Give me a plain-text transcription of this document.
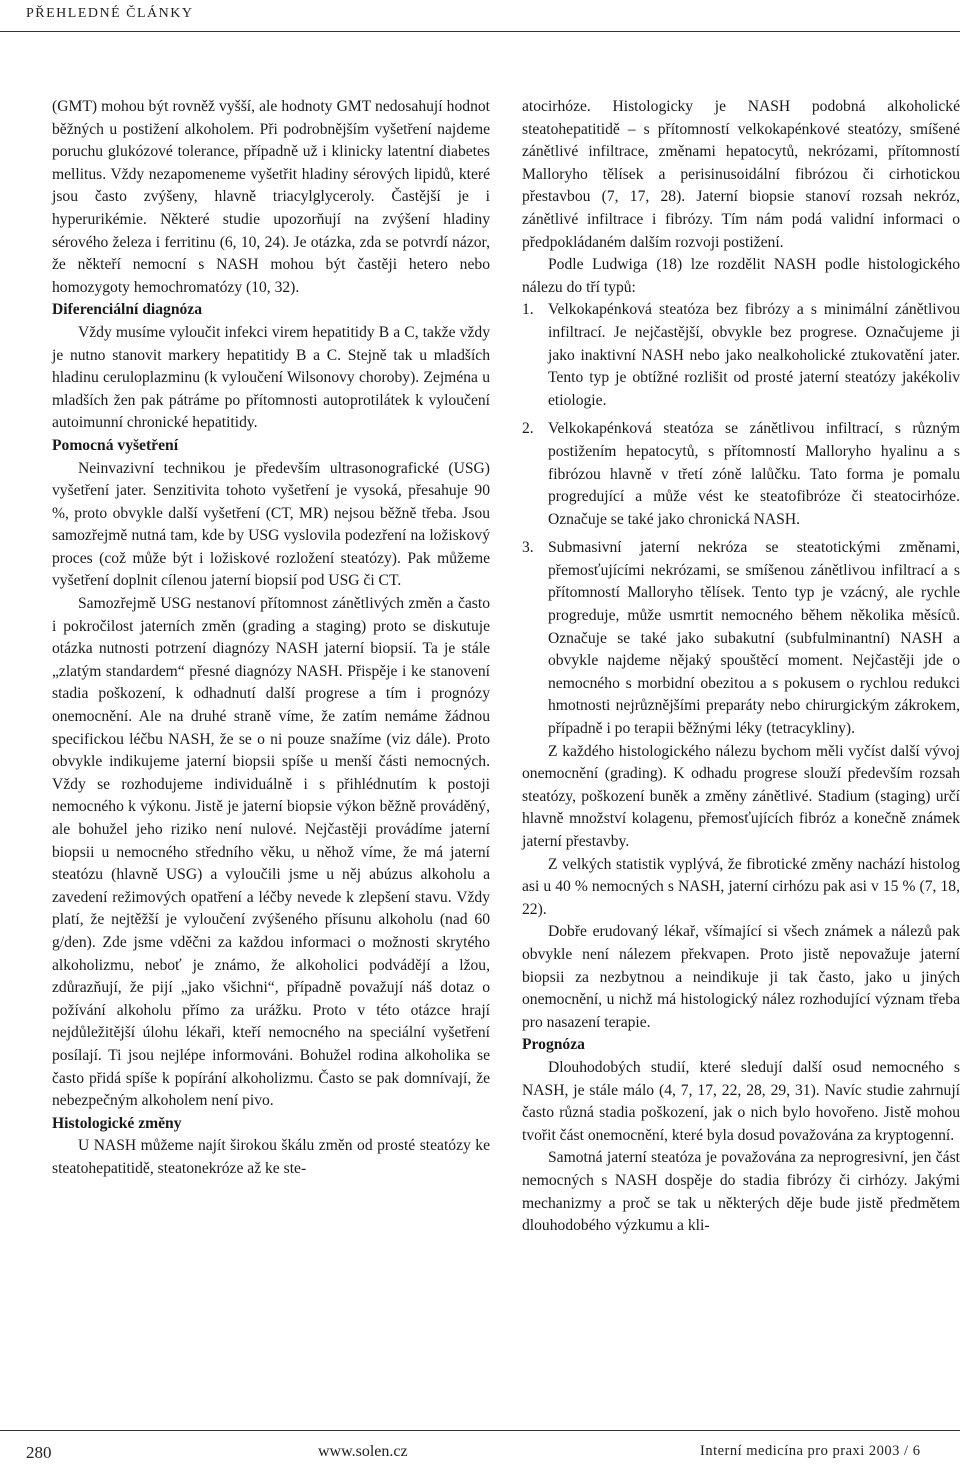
PŘEHLEDNÉ ČLÁNKY

(GMT) mohou být rovněž vyšší, ale hodnoty GMT nedosahují hodnot běžných u postižení alkoholem. Při podrobnějším vyšetření najdeme poruchu glukózové tolerance, případně už i klinicky latentní diabetes mellitus. Vždy nezapomeneme vyšetřit hladiny sérových lipidů, které jsou často zvýšeny, hlavně triacylglyceroly. Častější je i hyperurikémie. Některé studie upozorňují na zvýšení hladiny sérového železa i ferritinu (6, 10, 24). Je otázka, zda se potvrdí názor, že někteří nemocní s NASH mohou být častěji hetero nebo homozygoty hemochromatózy (10, 32).

Diferenciální diagnóza

Vždy musíme vyloučit infekci virem hepatitidy B a C, takže vždy je nutno stanovit markery hepatitidy B a C. Stejně tak u mladších hladinu ceruloplazminu (k vyloučení Wilsonovy choroby). Zejména u mladších žen pak pátráme po přítomnosti autoprotilátek k vyloučení autoimunní chronické hepatitidy.

Pomocná vyšetření

Neinvazivní technikou je především ultrasonografické (USG) vyšetření jater. Senzitivita tohoto vyšetření je vysoká, přesahuje 90 %, proto obvykle další vyšetření (CT, MR) nejsou běžně třeba. Jsou samozřejmě nutná tam, kde by USG vyslovila podezření na ložiskový proces (což může být i ložiskové rozložení steatózy). Pak můžeme vyšetření doplnit cílenou jaterní biopsií pod USG či CT.

Samozřejmě USG nestanoví přítomnost zánětlivých změn a často i pokročilost jaterních změn (grading a staging) proto se diskutuje otázka nutnosti potrzení diagnózy NASH jaterní biopsií. Ta je stále „zlatým standardem“ přesné diagnózy NASH. Přispěje i ke stanovení stadia poškození, k odhadnutí další progrese a tím i prognózy onemocnění. Ale na druhé straně víme, že zatím nemáme žádnou specifickou léčbu NASH, že se o ni pouze snažíme (viz dále). Proto obvykle indikujeme jaterní biopsii spíše u menší části nemocných. Vždy se rozhodujeme individuálně i s přihlédnutím k postoji nemocného k výkonu. Jistě je jaterní biopsie výkon běžně prováděný, ale bohužel jeho riziko není nulové. Nejčastěji provádíme jaterní biopsii u nemocného středního věku, u něhož víme, že má jaterní steatózu (hlavně USG) a vyloučili jsme u něj abúzus alkoholu a zavedení režimových opatření a léčby nevede k zlepšení stavu. Vždy platí, že nejtěžší je vyloučení zvýšeného přísunu alkoholu (nad 60 g/den). Zde jsme vděčni za každou informaci o možnosti skrytého alkoholizmu, neboť je známo, že alkoholici podvádějí a lžou, zdůrazňují, že pijí „jako všichni“, případně považují náš dotaz o požívání alkoholu přímo za urážku. Proto v této otázce hrají nejdůležitější úlohu lékaři, kteří nemocného na speciální vyšetření posílají. Ti jsou nejlépe informováni. Bohužel rodina alkoholika se často přidá spíše k popírání alkoholizmu. Často se pak domnívají, že nebezpečným alkoholem není pivo.

Histologické změny

U NASH můžeme najít širokou škálu změn od prosté steatózy ke steatohepatitidě, steatonekróze až ke ste-

atocirhóze. Histologicky je NASH podobná alkoholické steatohepatitidě – s přítomností velkokapénkové steatózy, smíšené zánětlivé infiltrace, změnami hepatocytů, nekrózami, přítomností Malloryho tělísek a perisinusoidální fibrózou či cirhotickou přestavbou (7, 17, 28). Jaterní biopsie stanoví rozsah nekróz, zánětlivé infiltrace i fibrózy. Tím nám podá validní informaci o předpokládaném dalším rozvoji postižení.

Podle Ludwiga (18) lze rozdělit NASH podle histologického nálezu do tří typů:

1. Velkokapénková steatóza bez fibrózy a s minimální zánětlivou infiltrací. Je nejčastější, obvykle bez progrese. Označujeme ji jako inaktivní NASH nebo jako nealkoholické ztukovatění jater. Tento typ je obtížné rozlišit od prosté jaterní steatózy jakékoliv etiologie.
2. Velkokapénková steatóza se zánětlivou infiltrací, s různým postižením hepatocytů, s přítomností Malloryho hyalinu a s fibrózou hlavně v třetí zóně lalůčku. Tato forma je pomalu progredující a může vést ke steatofibróze či steatocirhóze. Označuje se také jako chronická NASH.
3. Submasivní jaterní nekróza se steatotickými změnami, přemosťujícími nekrózami, se smíšenou zánětlivou infiltrací a s přítomností Malloryho tělísek. Tento typ je vzácný, ale rychle progreduje, může usmrtit nemocného během několika měsíců. Označuje se také jako subakutní (subfulminantní) NASH a obvykle najdeme nějaký spouštěcí moment. Nejčastěji jde o nemocného s morbidní obezitou a s pokusem o rychlou redukci hmotnosti nejrůznějšími preparáty nebo chirurgickým zákrokem, případně i po terapii běžnými léky (tetracykliny).

Z každého histologického nálezu bychom měli vyčíst další vývoj onemocnění (grading). K odhadu progrese slouží především rozsah steatózy, poškození buněk a změny zánětlivé. Stadium (staging) určí hlavně množství kolagenu, přemosťujících fibróz a konečně známek jaterní přestavby.

Z velkých statistik vyplývá, že fibrotické změny nachází histolog asi u 40 % nemocných s NASH, jaterní cirhózu pak asi v 15 % (7, 18, 22).

Dobře erudovaný lékař, všímající si všech známek a nálezů pak obvykle není nálezem překvapen. Proto jistě nepovažuje jaterní biopsii za nezbytnou a neindikuje ji tak často, jako u jiných onemocnění, u nichž má histologický nález rozhodující význam třeba pro nasazení terapie.

Prognóza

Dlouhodobých studií, které sledují další osud nemocného s NASH, je stále málo (4, 7, 17, 22, 28, 29, 31). Navíc studie zahrnují často různá stadia poškození, jak o nich bylo hovořeno. Jistě mohou tvořit část onemocnění, které byla dosud považována za kryptogenní.

Samotná jaterní steatóza je považována za neprogresivní, jen část nemocných s NASH dospěje do stadia fibrózy či cirhózy. Jakými mechanizmy a proč se tak u některých děje bude jistě předmětem dlouhodobého výzkumu a kli-

280	www.solen.cz	Interní medicína pro praxi 2003 / 6
